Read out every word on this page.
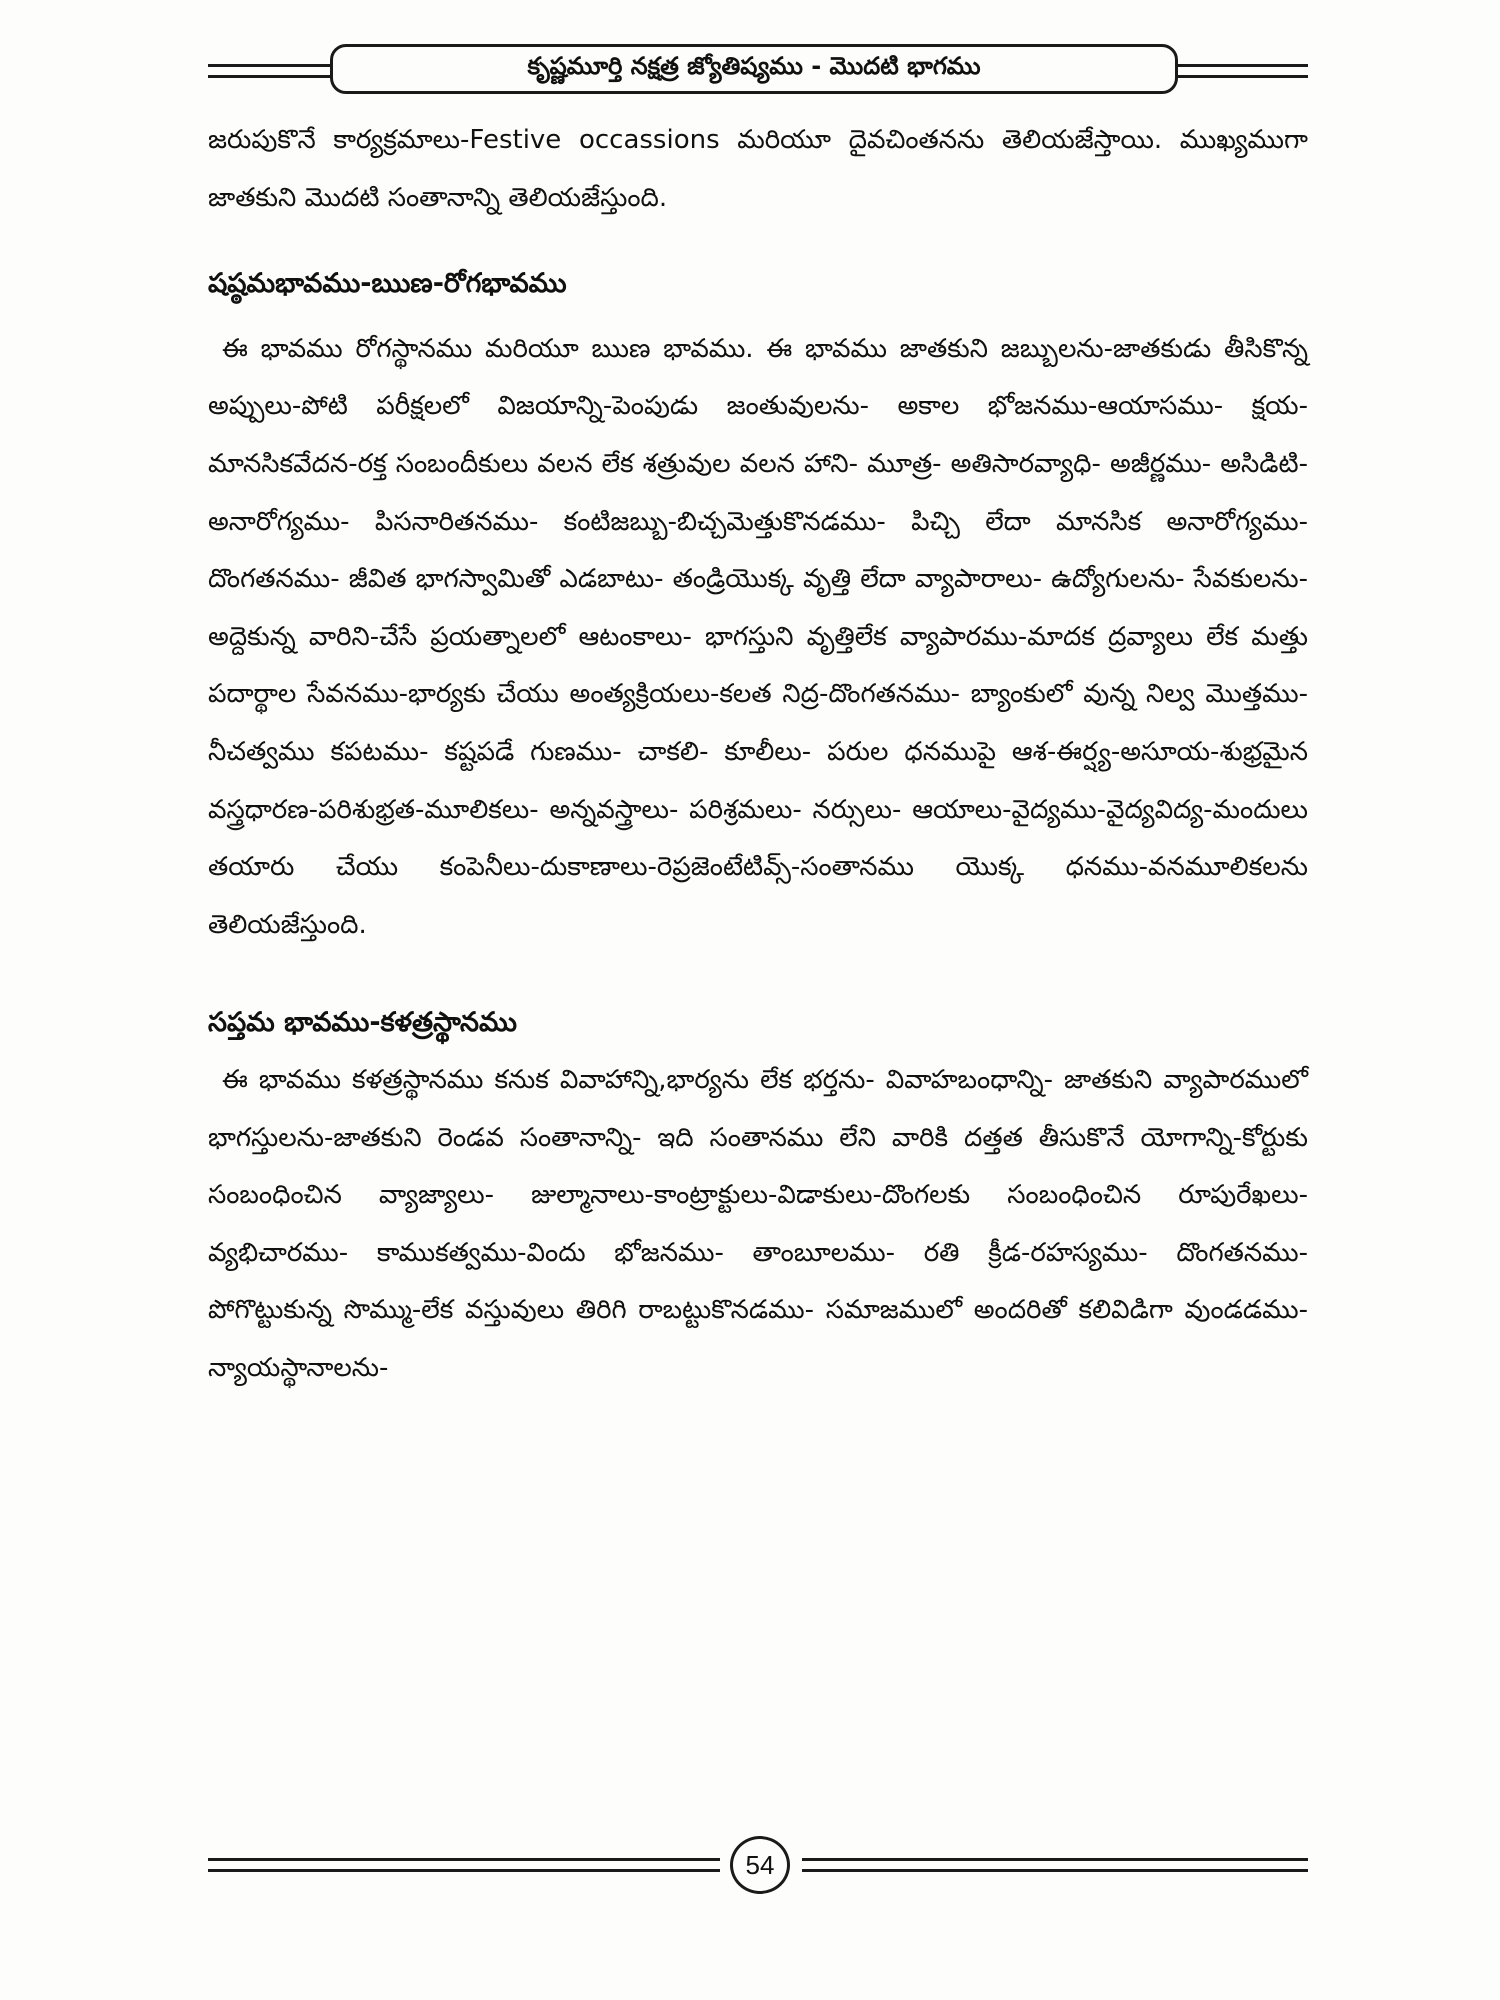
కృష్ణమూర్తి నక్షత్ర జ్యోతిష్యము - మొదటి భాగము

జరుపుకొనే కార్యక్రమాలు-Festive occassions మరియూ దైవచింతనను తెలియజేస్తాయి. ముఖ్యముగా జాతకుని మొదటి సంతానాన్ని తెలియజేస్తుంది.

షష్ఠమభావము-ఋణ-రోగభావము

ఈ భావము రోగస్థానము మరియూ ఋణ భావము. ఈ భావము జాతకుని జబ్బులను-జాతకుడు తీసికొన్న అప్పులు-పోటి పరీక్షలలో విజయాన్ని-పెంపుడు జంతువులను- అకాల భోజనము-ఆయాసము- క్షయ-మానసికవేదన-రక్త సంబందీకులు వలన లేక శత్రువుల వలన హాని- మూత్ర- అతిసారవ్యాధి- అజీర్ణము- అసిడిటి- అనారోగ్యము- పిసనారితనము- కంటిజబ్బు-బిచ్చమెత్తుకొనడము- పిచ్చి లేదా మానసిక అనారోగ్యము- దొంగతనము- జీవిత భాగస్వామితో ఎడబాటు- తండ్రియొక్క వృత్తి లేదా వ్యాపారాలు- ఉద్యోగులను- సేవకులను-అద్దెకున్న వారిని-చేసే ప్రయత్నాలలో ఆటంకాలు- భాగస్తుని వృత్తిలేక వ్యాపారము-మాదక ద్రవ్యాలు లేక మత్తు పదార్థాల సేవనము-భార్యకు చేయు అంత్యక్రియలు-కలత నిద్ర-దొంగతనము- బ్యాంకులో వున్న నిల్వ మొత్తము-నీచత్వము కపటము- కష్టపడే గుణము- చాకలి- కూలీలు- పరుల ధనముపై ఆశ-ఈర్ష్య-అసూయ-శుభ్రమైన వస్త్రధారణ-పరిశుభ్రత-మూలికలు- అన్నవస్త్రాలు- పరిశ్రమలు- నర్సులు- ఆయాలు-వైద్యము-వైద్యవిద్య-మందులు తయారు చేయు కంపెనీలు-దుకాణాలు-రెప్రజెంటేటివ్స్-సంతానము యొక్క ధనము-వనమూలికలను తెలియజేస్తుంది.

సప్తమ భావము-కళత్రస్థానము

ఈ భావము కళత్రస్థానము కనుక వివాహాన్ని,భార్యను లేక భర్తను- వివాహబంధాన్ని- జాతకుని వ్యాపారములో భాగస్తులను-జాతకుని రెండవ సంతానాన్ని- ఇది సంతానము లేని వారికి దత్తత తీసుకొనే యోగాన్ని-కోర్టుకు సంబంధించిన వ్యాజ్యాలు- జుల్మానాలు-కాంట్రాక్టులు-విడాకులు-దొంగలకు సంబంధించిన రూపురేఖలు- వ్యభిచారము- కాముకత్వము-విందు భోజనము- తాంబూలము- రతి క్రీడ-రహస్యము- దొంగతనము- పోగొట్టుకున్న సొమ్ము-లేక వస్తువులు తిరిగి రాబట్టుకొనడము- సమాజములో అందరితో కలివిడిగా వుండడము- న్యాయస్థానాలను-

54
